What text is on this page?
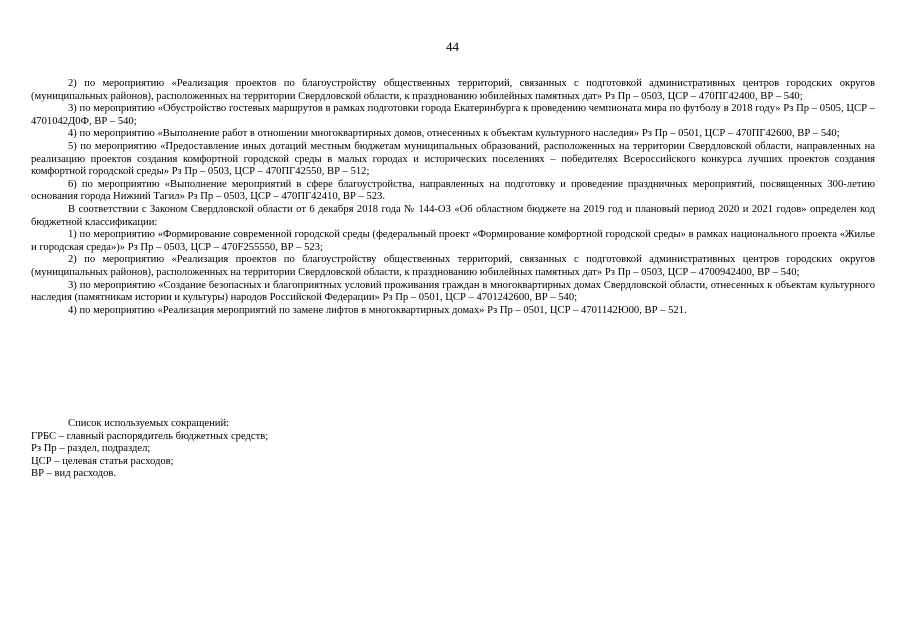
44

2) по мероприятию «Реализация проектов по благоустройству общественных территорий, связанных с подготовкой административных центров городских округов (муниципальных районов), расположенных на территории Свердловской области, к празднованию юбилейных памятных дат» Рз Пр – 0503, ЦСР – 470ПГ42400, ВР – 540;

3) по мероприятию «Обустройство гостевых маршрутов в рамках подготовки города Екатеринбурга к проведению чемпионата мира по футболу в 2018 году» Рз Пр – 0505, ЦСР – 4701042Д0Ф, ВР – 540;

4) по мероприятию «Выполнение работ в отношении многоквартирных домов, отнесенных к объектам культурного наследия» Рз Пр – 0501, ЦСР – 470ПГ42600, ВР – 540;

5) по мероприятию «Предоставление иных дотаций местным бюджетам муниципальных образований, расположенных на территории Свердловской области, направленных на реализацию проектов создания комфортной городской среды в малых городах и исторических поселениях – победителях Всероссийского конкурса лучших проектов создания комфортной городской среды» Рз Пр – 0503, ЦСР – 470ПГ42550, ВР – 512;

6) по мероприятию «Выполнение мероприятий в сфере благоустройства, направленных на подготовку и проведение праздничных мероприятий, посвященных 300-летию основания города Нижний Тагил» Рз Пр – 0503, ЦСР – 470ПГ42410, ВР – 523.

В соответствии с Законом Свердловской области от 6 декабря 2018 года № 144-ОЗ «Об областном бюджете на 2019 год и плановый период 2020 и 2021 годов» определен код бюджетной классификации:

1) по мероприятию «Формирование современной городской среды (федеральный проект «Формирование комфортной городской среды» в рамках национального проекта «Жилье и городская среда»)» Рз Пр – 0503, ЦСР – 470F255550, ВР – 523;

2) по мероприятию «Реализация проектов по благоустройству общественных территорий, связанных с подготовкой административных центров городских округов (муниципальных районов), расположенных на территории Свердловской области, к празднованию юбилейных памятных дат» Рз Пр – 0503, ЦСР – 4700942400, ВР – 540;

3) по мероприятию «Создание безопасных и благоприятных условий проживания граждан в многоквартирных домах Свердловской области, отнесенных к объектам культурного наследия (памятникам истории и культуры) народов Российской Федерации» Рз Пр – 0501, ЦСР – 4701242600, ВР – 540;

4) по мероприятию «Реализация мероприятий по замене лифтов в многоквартирных домах» Рз Пр – 0501, ЦСР – 4701142Ю00, ВР – 521.

Список используемых сокращений:

ГРБС – главный распорядитель бюджетных средств;

Рз Пр – раздел, подраздел;

ЦСР – целевая статья расходов;

ВР – вид расходов.
